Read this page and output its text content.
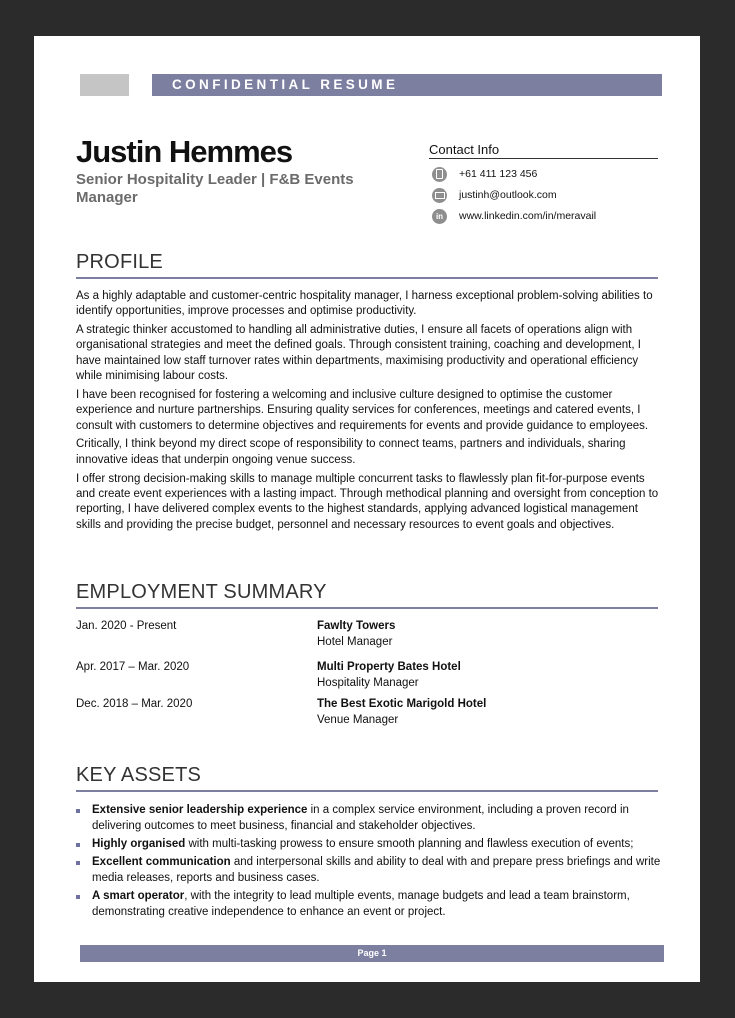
CONFIDENTIAL RESUME
Justin Hemmes
Senior Hospitality Leader | F&B Events Manager
Contact Info
+61 411 123 456
justinh@outlook.com
in	www.linkedin.com/in/meravail
PROFILE

As a highly adaptable and customer-centric hospitality manager, I harness exceptional problem-solving abilities to identify opportunities, improve processes and optimise productivity.

A strategic thinker accustomed to handling all administrative duties, I ensure all facets of operations align with organisational strategies and meet the defined goals. Through consistent training, coaching and development, I have maintained low staff turnover rates within departments, maximising productivity and operational efficiency while minimising labour costs.

I have been recognised for fostering a welcoming and inclusive culture designed to optimise the customer experience and nurture partnerships. Ensuring quality services for conferences, meetings and catered events, I consult with customers to determine objectives and requirements for events and provide guidance to employees.

Critically, I think beyond my direct scope of responsibility to connect teams, partners and individuals, sharing innovative ideas that underpin ongoing venue success.

I offer strong decision-making skills to manage multiple concurrent tasks to flawlessly plan fit-for-purpose events and create event experiences with a lasting impact. Through methodical planning and oversight from conception to reporting, I have delivered complex events to the highest standards, applying advanced logistical management skills and providing the precise budget, personnel and necessary resources to event goals and objectives.

EMPLOYMENT SUMMARY
Jan. 2020 - Present	Fawlty Towers
Hotel Manager
Apr. 2017 – Mar. 2020	Multi Property Bates Hotel
Hospitality Manager
Dec. 2018 – Mar. 2020	The Best Exotic Marigold Hotel
Venue Manager
KEY ASSETS
Extensive senior leadership experience in a complex service environment, including a proven record in delivering outcomes to meet business, financial and stakeholder objectives.
Highly organised with multi-tasking prowess to ensure smooth planning and flawless execution of events;
Excellent communication and interpersonal skills and ability to deal with and prepare press briefings and write media releases, reports and business cases.
A smart operator, with the integrity to lead multiple events, manage budgets and lead a team brainstorm, demonstrating creative independence to enhance an event or project.
Page 1
